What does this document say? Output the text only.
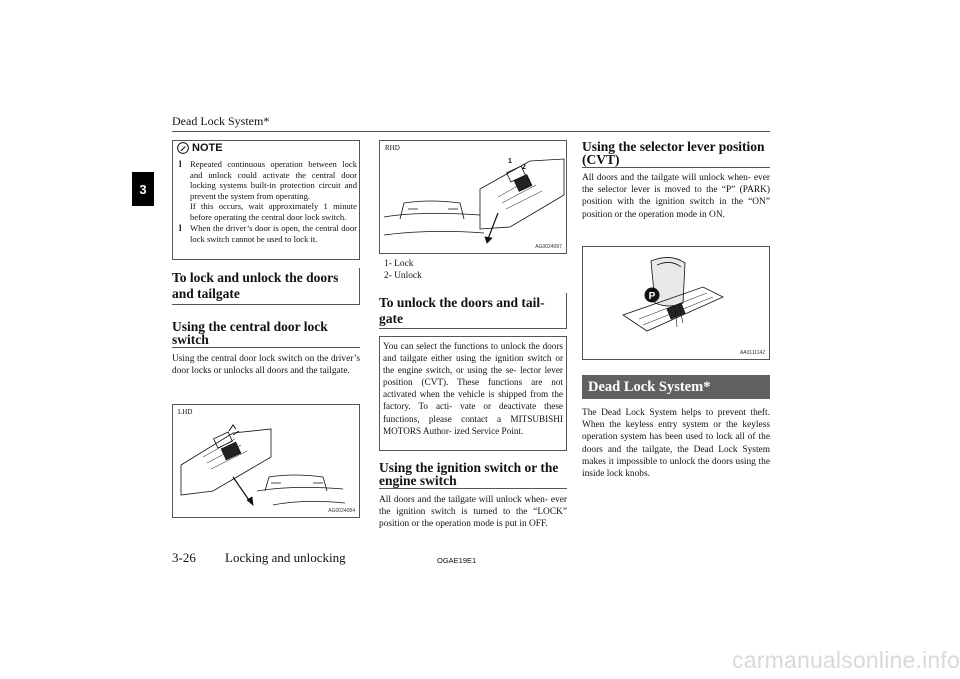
Dead Lock System*
3
NOTE
l Repeated continuous operation between lock and unlock could activate the central door locking systems built-in protection circuit and prevent the system from operating.

If this occurs, wait approximately 1 minute before operating the central door lock switch.

l When the driver’s door is open, the central door lock switch cannot be used to lock it.

To lock and unlock the doors
and tailgate
Using the central door lock
switch
Using the central door lock switch on the driver’s door locks or unlocks all doors and the tailgate.
LHD
AG0024084
RHD
1
2
AG0024097
1- Lock
2- Unlock
To unlock the doors and tail-
gate
You can select the functions to unlock the doors and tailgate either using the ignition switch or the engine switch, or using the se- lector lever position (CVT). These functions are not activated when the vehicle is shipped from the factory. To acti- vate or deactivate these functions, please contact a MITSUBISHI MOTORS Author- ized Service Point.
Using the ignition switch or the
engine switch
All doors and the tailgate will unlock when- ever the ignition switch is turned to the “LOCK” position or the operation mode is put in OFF.
Using the selector lever position
(CVT)
All doors and the tailgate will unlock when- ever the selector lever is moved to the “P” (PARK) position with the ignition switch in the “ON” position or the operation mode in ON.
P
AA0111142
Dead Lock System*
The Dead Lock System helps to prevent theft. When the keyless entry system or the keyless operation system has been used to lock all of the doors and the tailgate, the Dead Lock System makes it impossible to unlock the doors using the inside lock knobs.
3-26 Locking and unlocking	OGAE19E1
carmanualsonline.info
